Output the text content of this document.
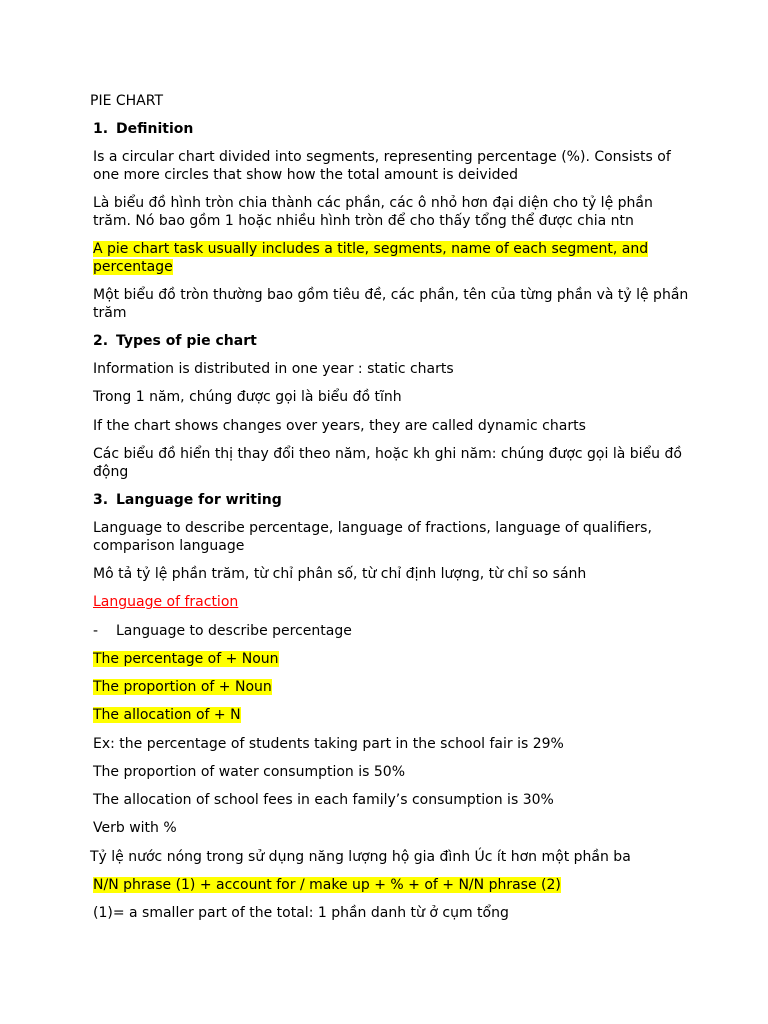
PIE CHART

1. Definition

Is a circular chart divided into segments, representing percentage (%). Consists of one more circles that show how the total amount is deivided

Là biểu đồ hình tròn chia thành các phần, các ô nhỏ hơn đại diện cho tỷ lệ phần trăm. Nó bao gồm 1 hoặc nhiều hình tròn để cho thấy tổng thể được chia ntn

A pie chart task usually includes a title, segments, name of each segment, and percentage

Một biểu đồ tròn thường bao gồm tiêu đề, các phần, tên của từng phần và tỷ lệ phần trăm

2. Types of pie chart

Information is distributed in one year : static charts

Trong 1 năm, chúng được gọi là biểu đồ tĩnh

If the chart shows changes over years, they are called dynamic charts

Các biểu đồ hiển thị thay đổi theo năm, hoặc kh ghi năm: chúng được gọi là biểu đồ động

3. Language for writing

Language to describe percentage, language of fractions, language of qualifiers, comparison language

Mô tả tỷ lệ phần trăm, từ chỉ phân số, từ chỉ định lượng, từ chỉ so sánh

Language of fraction

- Language to describe percentage

The percentage of + Noun

The proportion of + Noun

The allocation of + N

Ex: the percentage of students taking part in the school fair is 29%

The proportion of water consumption is 50%

The allocation of school fees in each family’s consumption is 30%

Verb with %

Tỷ lệ nước nóng trong sử dụng năng lượng hộ gia đình Úc ít hơn một phần ba

N/N phrase (1) + account for / make up + % + of + N/N phrase (2)

(1)= a smaller part of the total: 1 phần danh từ ở cụm tổng
